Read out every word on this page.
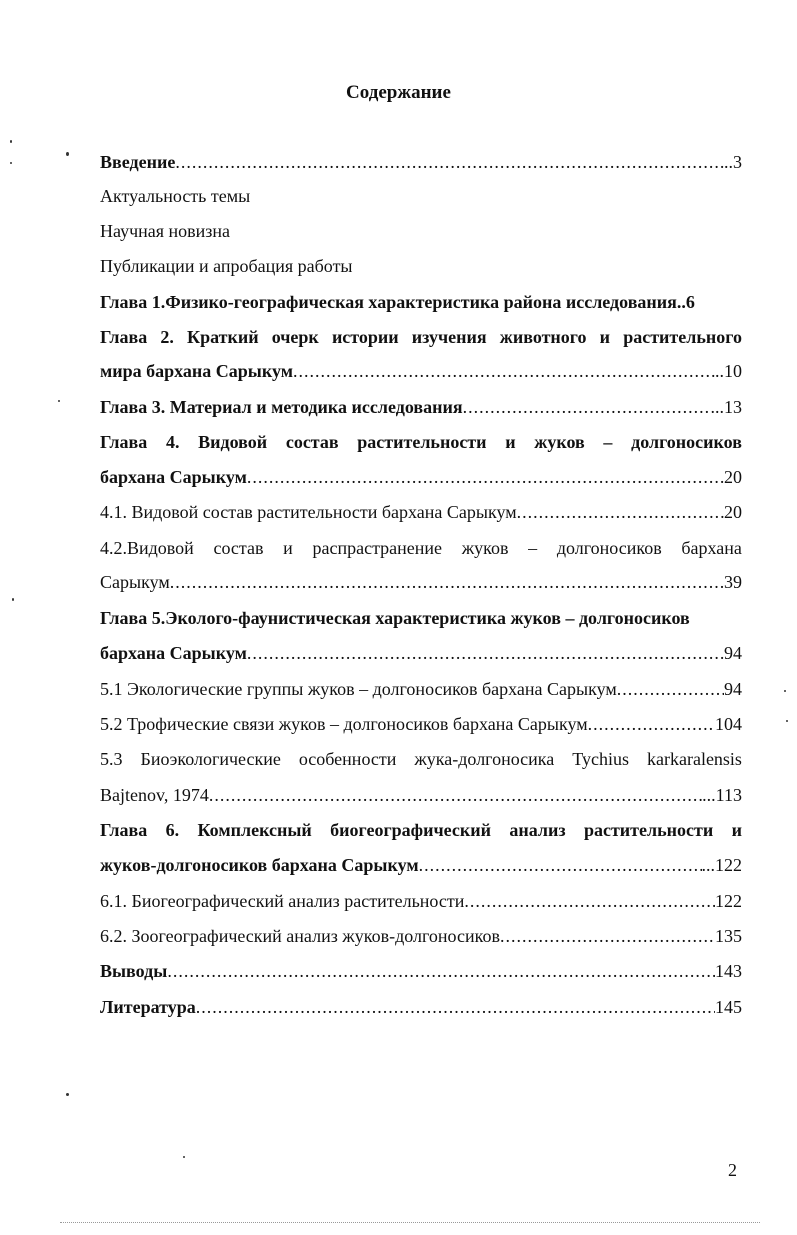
Содержание
Введение .....	..3
Актуальность темы
Научная новизна
Публикации и апробация работы
Глава 1.Физико-географическая характеристика района исследования ..6
Глава 2. Краткий очерк истории изучения животного и растительного
мира бархана Сарыкум .....	..10
Глава 3. Материал и методика исследования .....	...13
Глава 4. Видовой состав растительности и жуков – долгоносиков
бархана Сарыкум .....	20
4.1. Видовой состав растительности бархана Сарыкум .....	20
4.2.Видовой состав и распраcтранение жуков – долгоносиков бархана
Сарыкум .....	39
Глава 5.Эколого-фаунистическая характеристика жуков – долгоносиков
бархана Сарыкум .....	94
5.1 Экологические группы жуков – долгоносиков бархана Сарыкум .....	94
5.2 Трофические связи жуков – долгоносиков бархана Сарыкум .....	104
5.3 Биоэкологические особенности жука-долгоносика Tychius karkaralensis
Bajtenov, 1974 .....	...113
Глава 6. Комплексный биогеографический анализ растительности и
жуков-долгоносиков бархана Сарыкум .....	...122
6.1. Биогеографический анализ растительности .....	122
6.2. Зоогеографический анализ жуков-долгоносиков .....	135
Выводы .....	143
Литература .....	145
2
